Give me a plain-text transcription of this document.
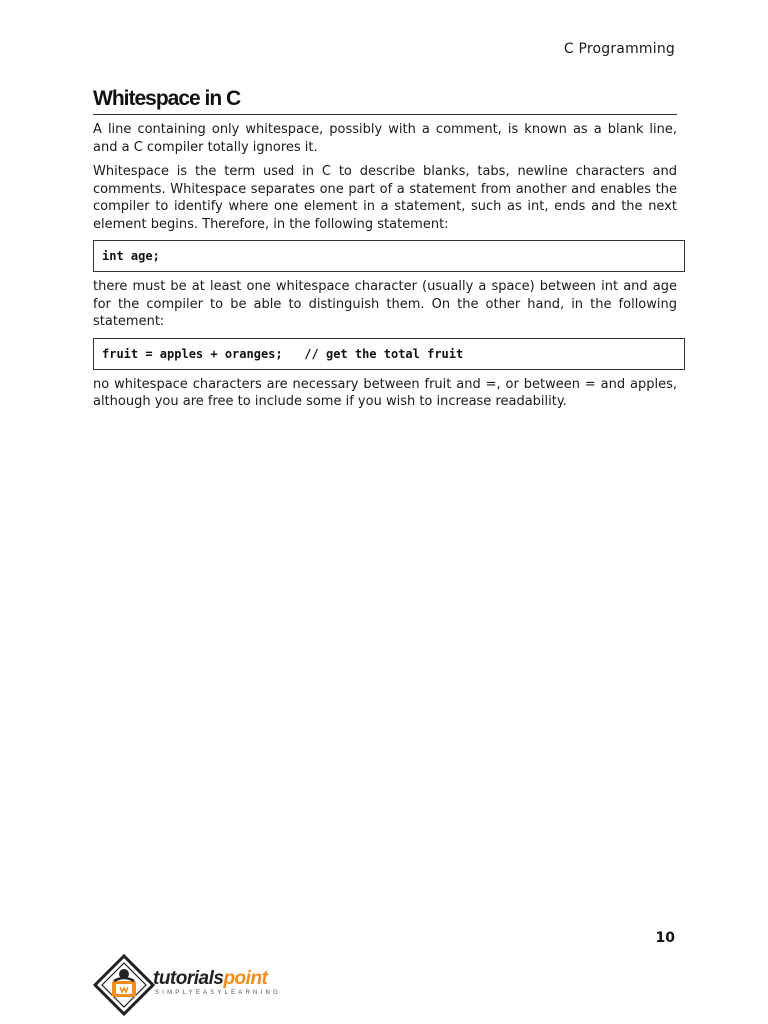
C Programming
Whitespace in C

A line containing only whitespace, possibly with a comment, is known as a blank line, and a C compiler totally ignores it.

Whitespace is the term used in C to describe blanks, tabs, newline characters and comments. Whitespace separates one part of a statement from another and enables the compiler to identify where one element in a statement, such as int, ends and the next element begins. Therefore, in the following statement:

int age;

there must be at least one whitespace character (usually a space) between int and age for the compiler to be able to distinguish them. On the other hand, in the following statement:

fruit = apples + oranges;   // get the total fruit

no whitespace characters are necessary between fruit and =, or between = and apples, although you are free to include some if you wish to increase readability.

10
tutorialspoint
SIMPLYEASYLEARNING
